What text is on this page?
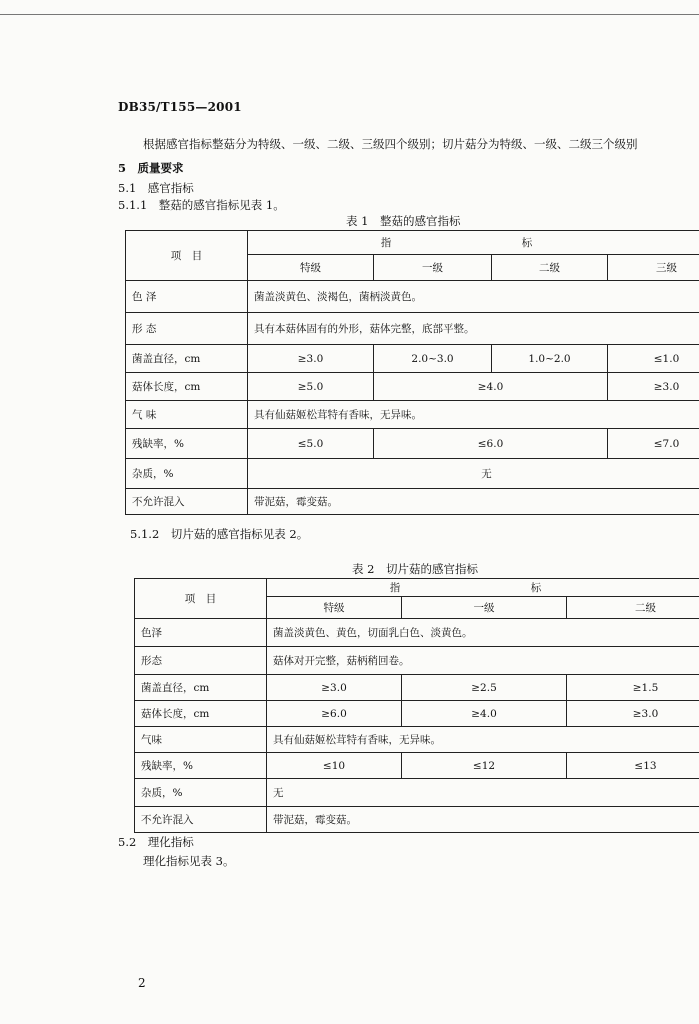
DB35/T155—2001
根据感官指标整菇分为特级、一级、二级、三级四个级别；切片菇分为特级、一级、二级三个级别
5　质量要求
5.1　感官指标
5.1.1　整菇的感官指标见表 1。
表 1　整菇的感官指标
项　目	指　标			
	特级	一级	二级	三级
色 泽	菌盖淡黄色、淡褐色，菌柄淡黄色。			
形 态	具有本菇体固有的外形，菇体完整，底部平整。			
菌盖直径，cm	≥3.0	2.0~3.0	1.0~2.0	≤1.0
菇体长度，cm	≥5.0	≥4.0		≥3.0
气 味	具有仙菇姬松茸特有香味，无异味。			
残缺率，%	≤5.0	≤6.0		≤7.0
杂质，%	无			
不允许混入	带泥菇，霉变菇。			
5.1.2　切片菇的感官指标见表 2。
表 2　切片菇的感官指标
项　目	指　标		
	特级	一级	二级
色泽	菌盖淡黄色、黄色，切面乳白色、淡黄色。		
形态	菇体对开完整，菇柄稍回卷。		
菌盖直径，cm	≥3.0	≥2.5	≥1.5
菇体长度，cm	≥6.0	≥4.0	≥3.0
气味	具有仙菇姬松茸特有香味，无异味。		
残缺率，%	≤10	≤12	≤13
杂质，%	无		
不允许混入	带泥菇，霉变菇。		
5.2　理化指标
理化指标见表 3。
2
